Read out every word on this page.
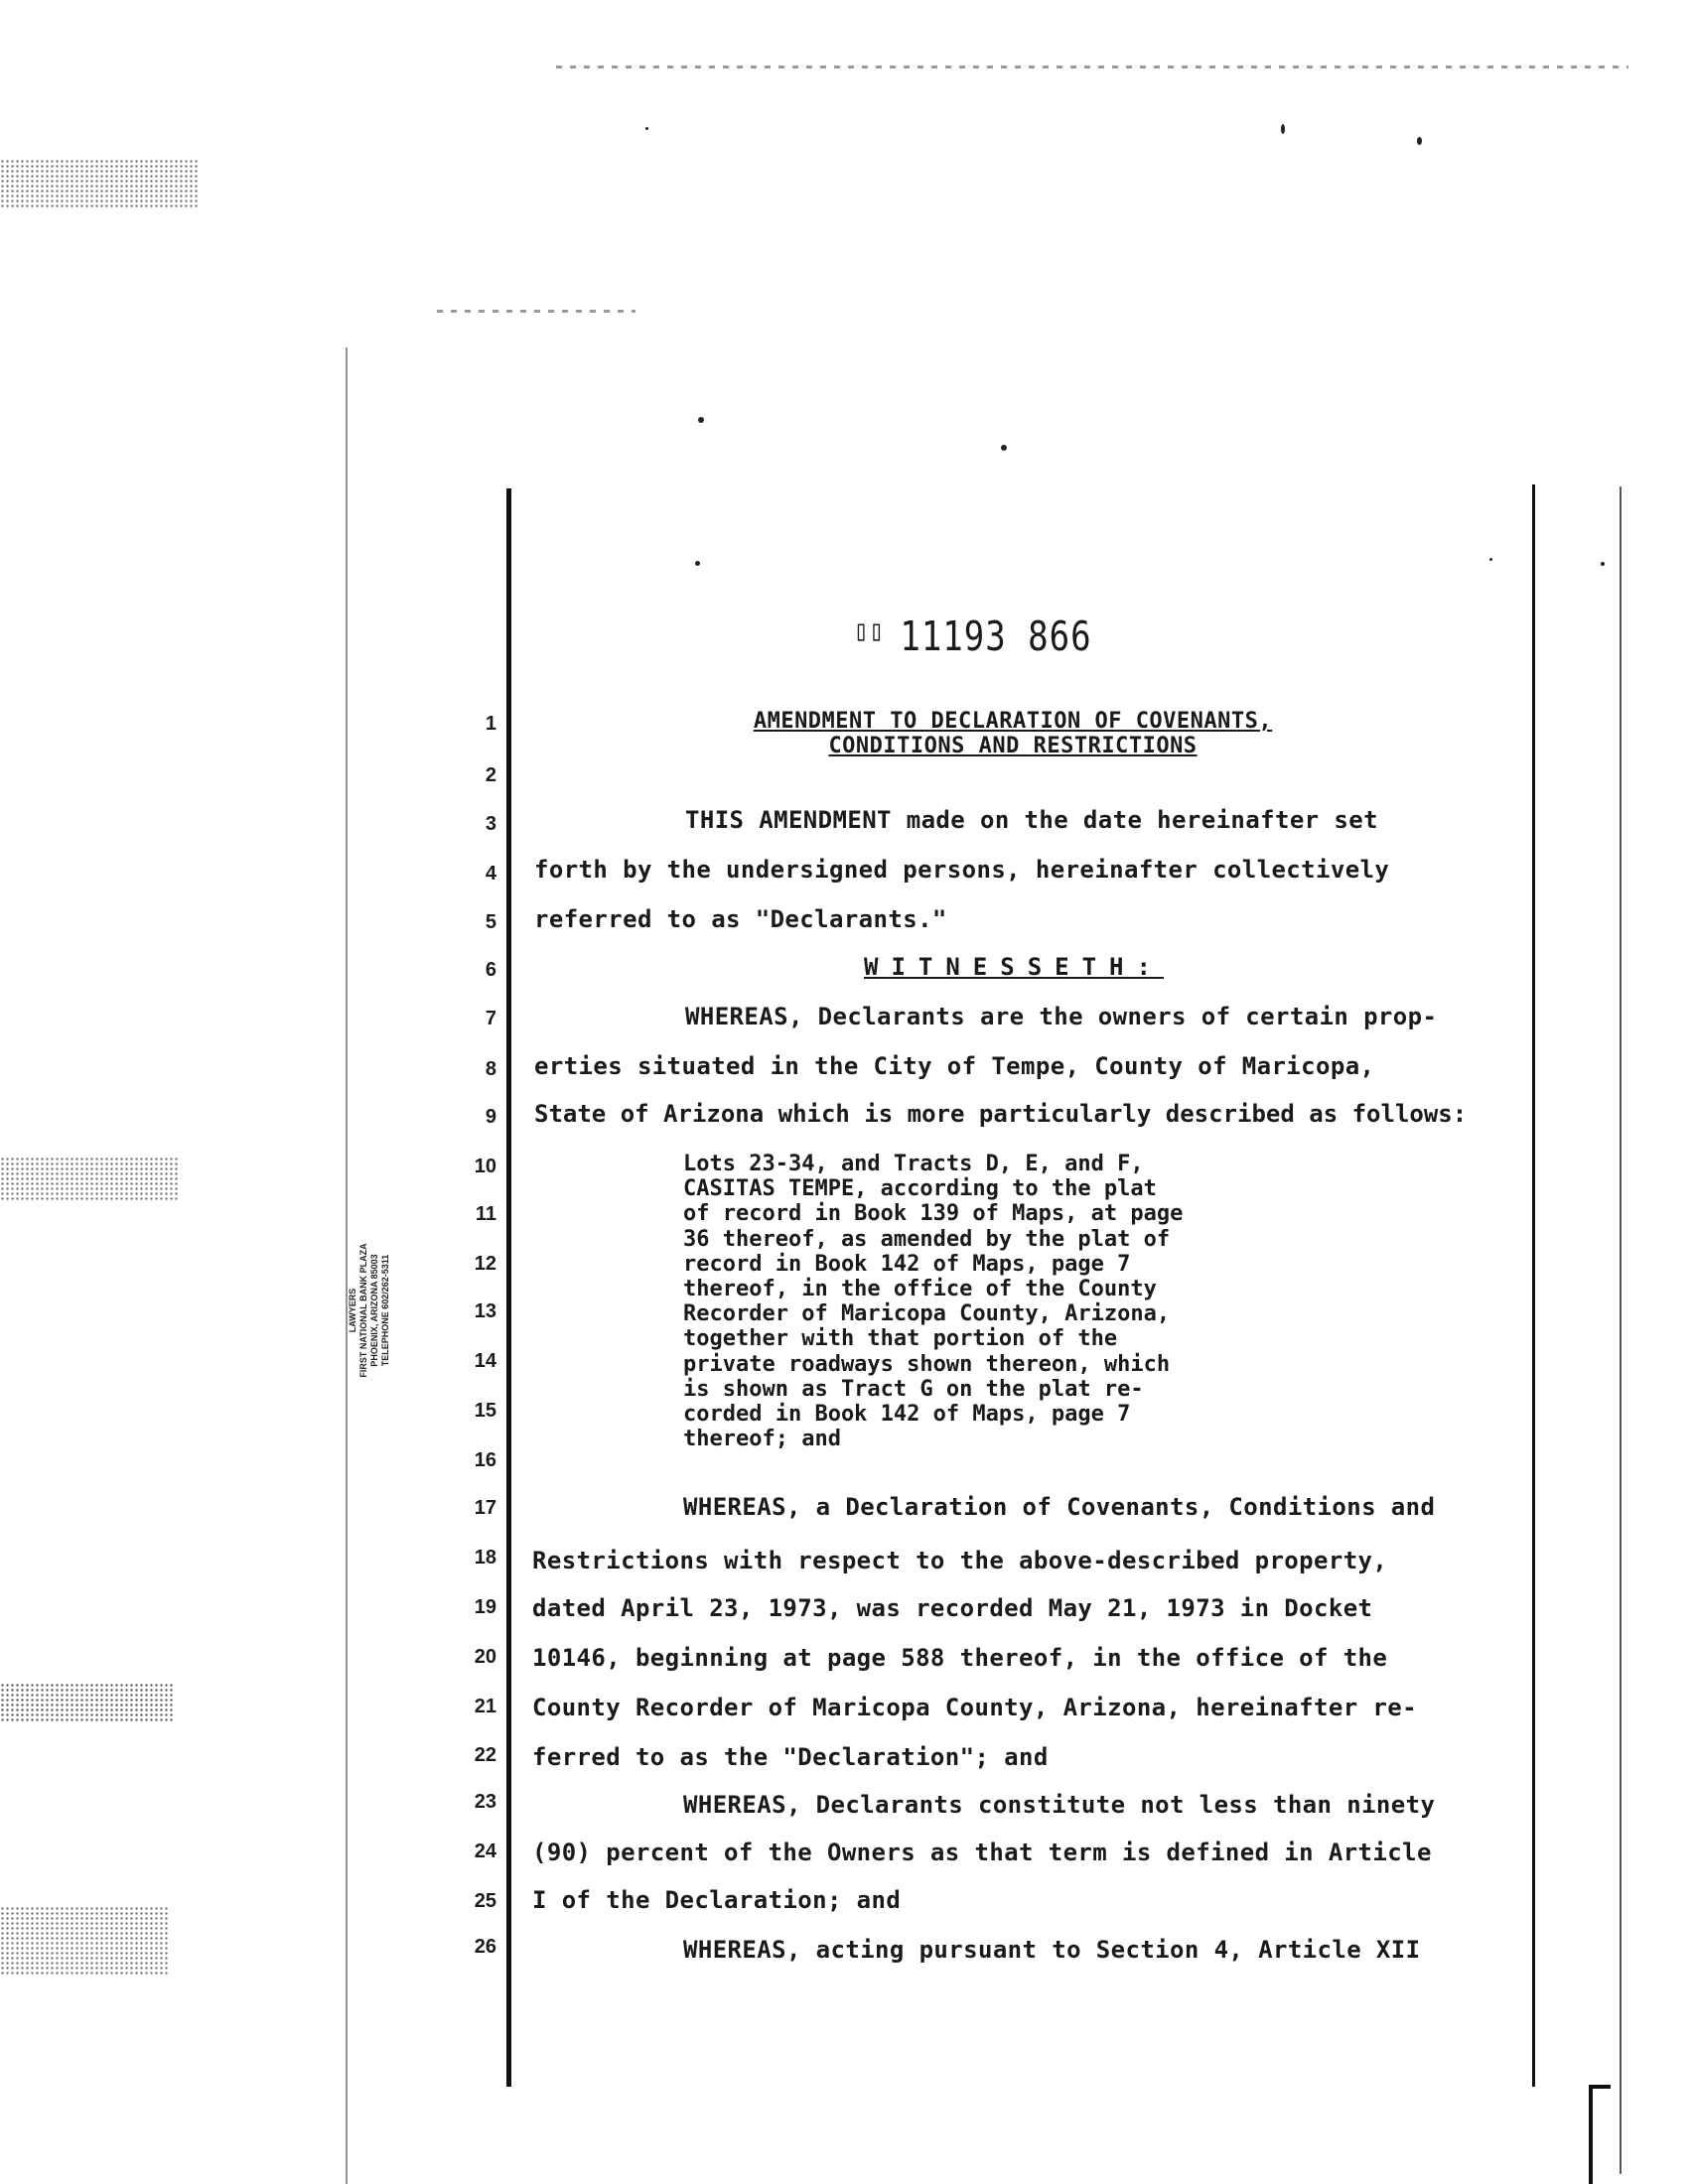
▯▯ 11193 866
AMENDMENT TO DECLARATION OF COVENANTS,
CONDITIONS AND RESTRICTIONS
1
2
3
4
5
6
7
8
9
10
11
12
13
14
15
16
17
18
19
20
21
22
23
24
25
26
THIS AMENDMENT made on the date hereinafter set
forth by the undersigned persons, hereinafter collectively
referred to as "Declarants."
WITNESSETH:
WHEREAS, Declarants are the owners of certain prop-
erties situated in the City of Tempe, County of Maricopa,
State of Arizona which is more particularly described as follows:
Lots 23-34, and Tracts D, E, and F,
CASITAS TEMPE, according to the plat
of record in Book 139 of Maps, at page
36 thereof, as amended by the plat of
record in Book 142 of Maps, page 7
thereof, in the office of the County
Recorder of Maricopa County, Arizona,
together with that portion of the
private roadways shown thereon, which
is shown as Tract G on the plat re-
corded in Book 142 of Maps, page 7
thereof; and
WHEREAS, a Declaration of Covenants, Conditions and
Restrictions with respect to the above-described property,
dated April 23, 1973, was recorded May 21, 1973 in Docket
10146, beginning at page 588 thereof, in the office of the
County Recorder of Maricopa County, Arizona, hereinafter re-
ferred to as the "Declaration"; and
WHEREAS, Declarants constitute not less than ninety
(90) percent of the Owners as that term is defined in Article
I of the Declaration; and
WHEREAS, acting pursuant to Section 4, Article XII
LAWYERS FIRST NATIONAL BANK PLAZA PHOENIX, ARIZONA 85003 TELEPHONE 602/262-5311
